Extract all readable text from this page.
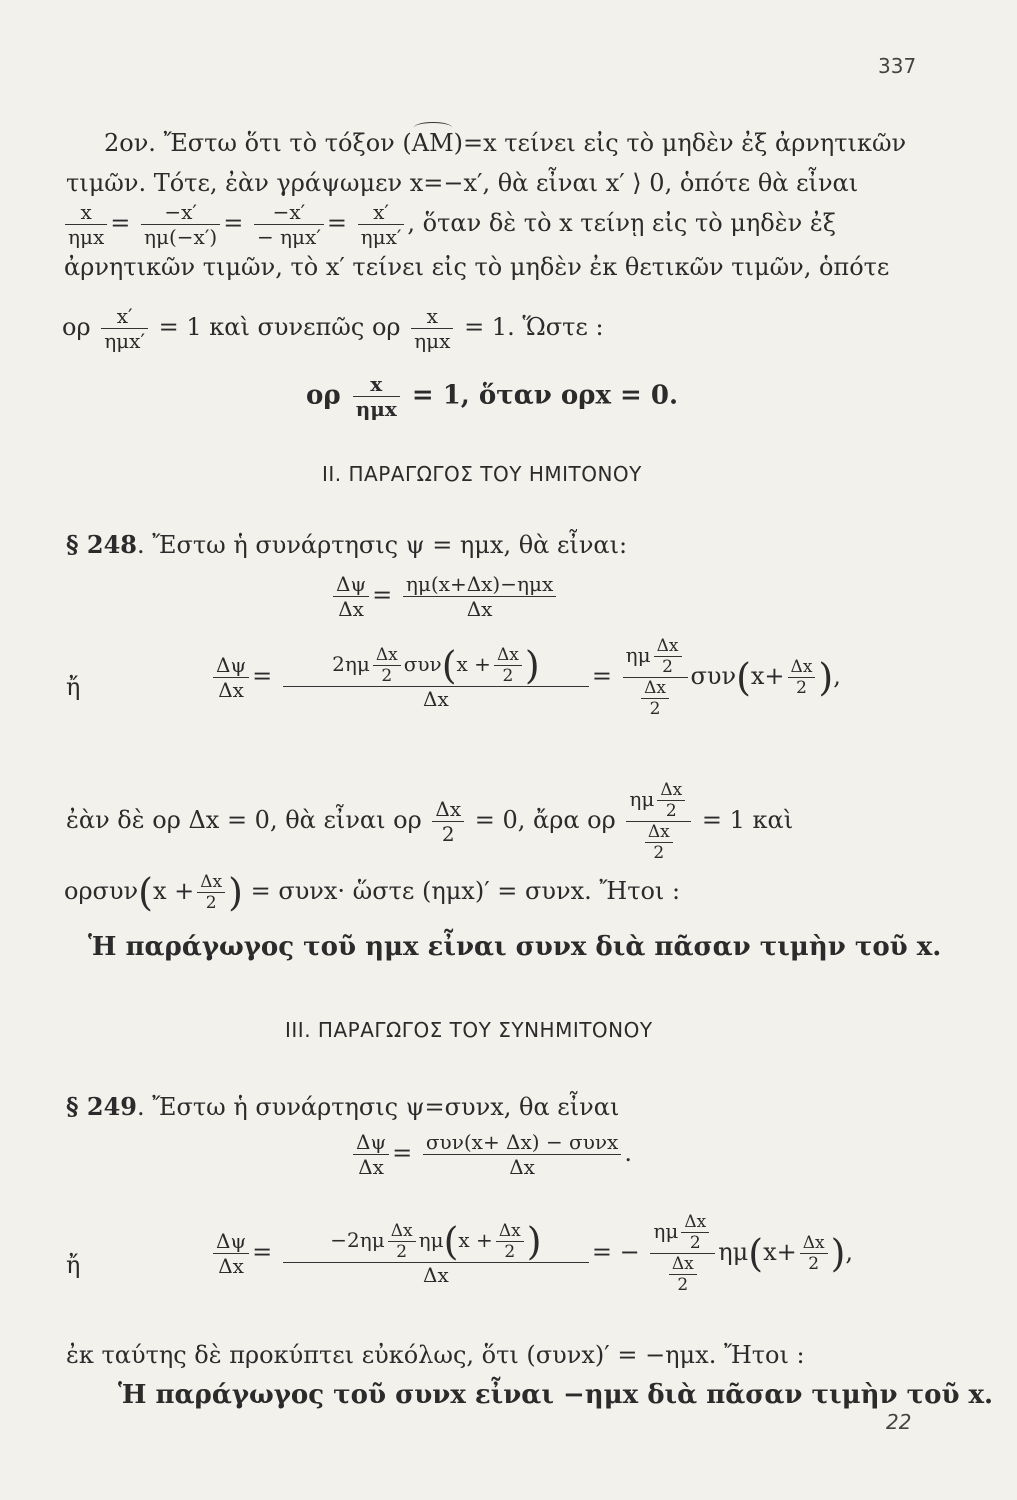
337
2ον. Ἔστω ὅτι τὸ τόξον (AM)=x τείνει εἰς τὸ μηδὲν ἐξ ἀρνητικῶν
τιμῶν. Τότε, ἐὰν γράψωμεν x=−x′, θὰ εἶναι x′ ⟩ 0, ὁπότε θὰ εἶναι
x
$\eta\mu x = \frac{-x'}{\eta\mu(-x')}$ =	−x′
− ημx′ = x′
ημx′ , ὅταν δὲ τὸ x τείνῃ εἰς τὸ μηδὲν ἐξ
ἀρνητικῶν τιμῶν, τὸ x′ τείνει εἰς τὸ μηδὲν ἐκ θετικῶν τιμῶν, ὁπότε
ορ	x′
ημx′ = 1 καὶ συνεπῶς ορ	x
ημx = 1. Ὥστε :
ορ	x
ημx = 1, ὅταν ορx = 0.
II. ΠΑΡΑΓΩΓΟΣ ΤΟΥ ΗΜΙΤΟΝΟΥ
§ 248. Ἔστω ἡ συνάρτησις ψ = ημx, θὰ εἶναι:
$\frac{\Delta\psi}{\Delta x} = \eta\mu(x+\Delta x)-\eta\mu x$
Δx
ἤ	$\frac{\Delta\psi}{\Delta x}$ =	$2\eta\mu \frac{\Delta x}{2} \sigma\upsilon\nu(x + \frac{\Delta x}{2}$ )
Δx
=
ημ $\frac{\Delta x}{2}$
$\frac{\Delta x}{2}$
$\sigma\upsilon\nu(x+ \frac{\Delta x}{2}$ ),
ἐὰν δὲ ορ Δx = 0, θὰ εἶναι ορ $\frac{\Delta x}{2} = 0$, ἄρα ορ
ημ $\frac{\Delta x}{2}$
$\frac{\Delta x}{2}$
= 1 καὶ
$o\rho\sigma\upsilon\nu(x + \frac{\Delta x}{2}$ ) = συνx· ὥστε (ημx)′ = συνx. Ἤτοι :
Ἡ παράγωγος τοῦ ημx εἶναι συνx διὰ πᾶσαν τιμὴν τοῦ x.
III. ΠΑΡΑΓΩΓΟΣ ΤΟΥ ΣΥΝΗΜΙΤΟΝΟΥ
§ 249. Ἔστω ἡ συνάρτησις ψ=συνx, θα εἶναι
$\frac{\Delta\psi}{\Delta x} = \sigma\upsilon\nu(x+ \Delta x) - \sigma\upsilon\nu x$
Δx	.
ἤ	$\frac{\Delta\psi}{\Delta x}$ =	$-2\eta\mu \frac{\Delta x}{2} \eta\mu(x + \frac{\Delta x}{2}$ )
Δx
= −
ημ $\frac{\Delta x}{2}$
$\frac{\Delta x}{2}$
$\eta\mu(x+ \frac{\Delta x}{2}$ ),
ἐκ ταύτης δὲ προκύπτει εὐκόλως, ὅτι (συνx)′ = −ημx. Ἤτοι :
Ἡ παράγωγος τοῦ συνx εἶναι −ημx διὰ πᾶσαν τιμὴν τοῦ x.
22
